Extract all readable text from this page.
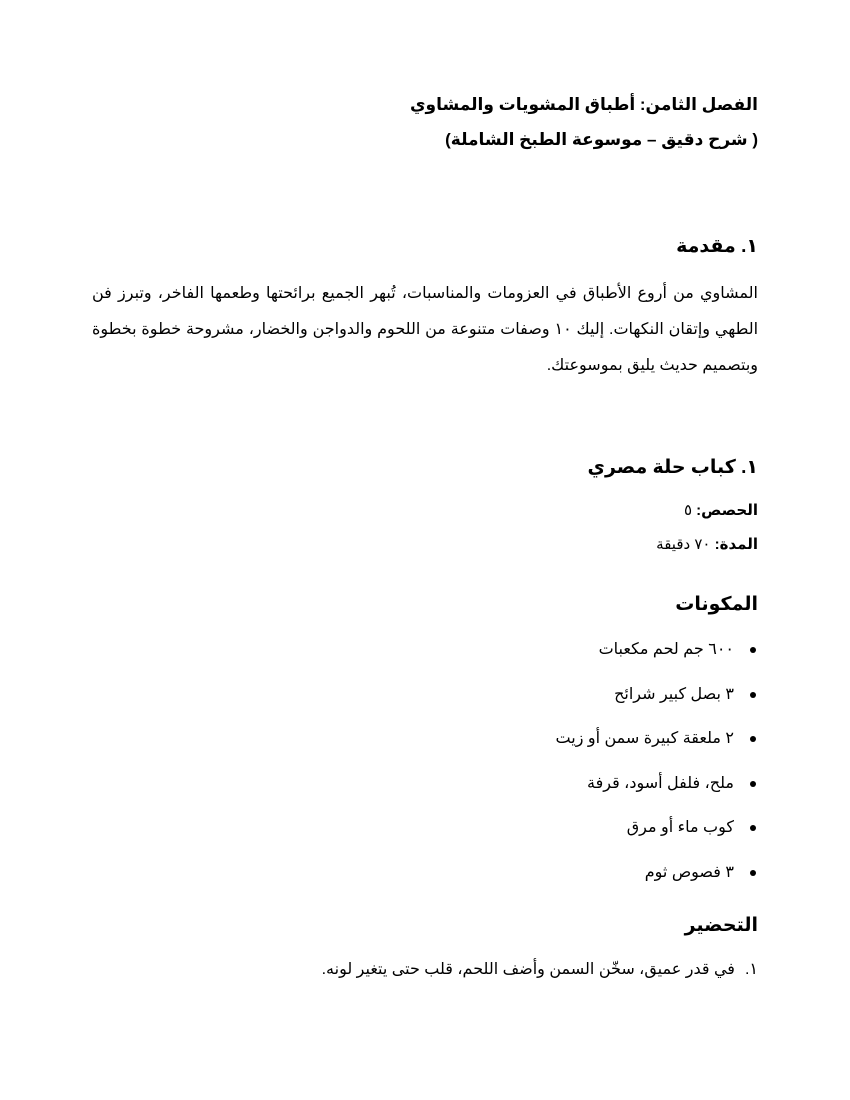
الفصل الثامن: أطباق المشويات والمشاوي
( شرح دقيق – موسوعة الطبخ الشاملة)
١. مقدمة

المشاوي من أروع الأطباق في العزومات والمناسبات، تُبهر الجميع برائحتها وطعمها الفاخر، وتبرز فن الطهي وإتقان النكهات. إليك ١٠ وصفات متنوعة من اللحوم والدواجن والخضار، مشروحة خطوة بخطوة وبتصميم حديث يليق بموسوعتك.

١. كباب حلة مصري
الحصص: ٥
المدة: ٧٠ دقيقة
المكونات
٦٠٠ جم لحم مكعبات
٣ بصل كبير شرائح
٢ ملعقة كبيرة سمن أو زيت
ملح، فلفل أسود، قرفة
كوب ماء أو مرق
٣ فصوص ثوم
التحضير
١.في قدر عميق، سخّن السمن وأضف اللحم، قلب حتى يتغير لونه.
